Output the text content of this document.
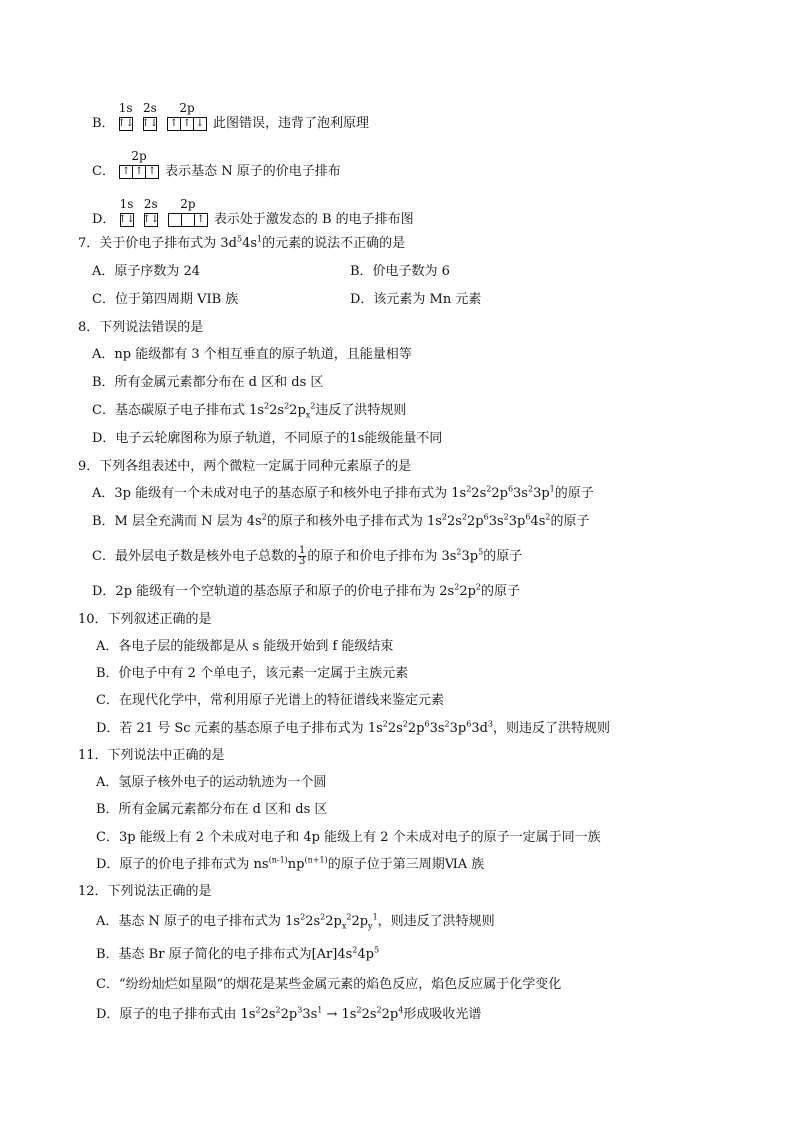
B．
1s
↑↓

2s
↑↓

2p
↑ ↑ ↓ 此图错误，违背了泡利原理
C．
2p
↑ ↑ ↑ 表示基态 N 原子的价电子排布
D．
1s
↑↓

2s
↑↓

2p
↑ 表示处于激发态的 B 的电子排布图
7．关于价电子排布式为 $3d^54s^1$的元素的说法不正确的是
A．原子序数为 24	B．价电子数为 6
C．位于第四周期 VIB 族	D．该元素为 Mn 元素
8．下列说法错误的是
A．np 能级都有 3 个相互垂直的原子轨道，且能量相等
B．所有金属元素都分布在 d 区和 ds 区
C．基态碳原子电子排布式 $1s^22s^22p_x^2$违反了洪特规则
D．电子云轮廓图称为原子轨道，不同原子的1s能级能量不同
9．下列各组表述中，两个微粒一定属于同种元素原子的是
A．3p 能级有一个未成对电子的基态原子和核外电子排布式为 $1s^22s^22p^63s^23p^1$的原子
B．M 层全充满而 N 层为 $4s^2$的原子和核外电子排布式为 $1s^22s^22p^63s^23p^64s^2$的原子
C．最外层电子数是核外电子总数的 $\frac{1}{3}$ 的原子和价电子排布为 $3s^23p^5$的原子
D．2p 能级有一个空轨道的基态原子和原子的价电子排布为 $2s^22p^2$的原子
10．下列叙述正确的是
A．各电子层的能级都是从 s 能级开始到 f 能级结束
B．价电子中有 2 个单电子，该元素一定属于主族元素
C．在现代化学中，常利用原子光谱上的特征谱线来鉴定元素
D．若 21 号 Sc 元素的基态原子电子排布式为 $1s^22s^22p^63s^23p^63d^3$，则违反了洪特规则
11．下列说法中正确的是
A．氢原子核外电子的运动轨迹为一个圆
B．所有金属元素都分布在 d 区和 ds 区
C．3p 能级上有 2 个未成对电子和 4p 能级上有 2 个未成对电子的原子一定属于同一族
D．原子的价电子排布式为 $ns^{(n-1)}np^{(n+1)}$的原子位于第三周期ⅥA 族
12．下列说法正确的是
A．基态 N 原子的电子排布式为 $1s^22s^22p_x^22p_y^1$，则违反了洪特规则
B．基态 Br 原子简化的电子排布式为$[Ar]4s^24p^5$
C．“纷纷灿烂如星陨”的烟花是某些金属元素的焰色反应，焰色反应属于化学变化
D．原子的电子排布式由 $1s^22s^22p^33s^1 \to 1s^22s^22p^4$形成吸收光谱
